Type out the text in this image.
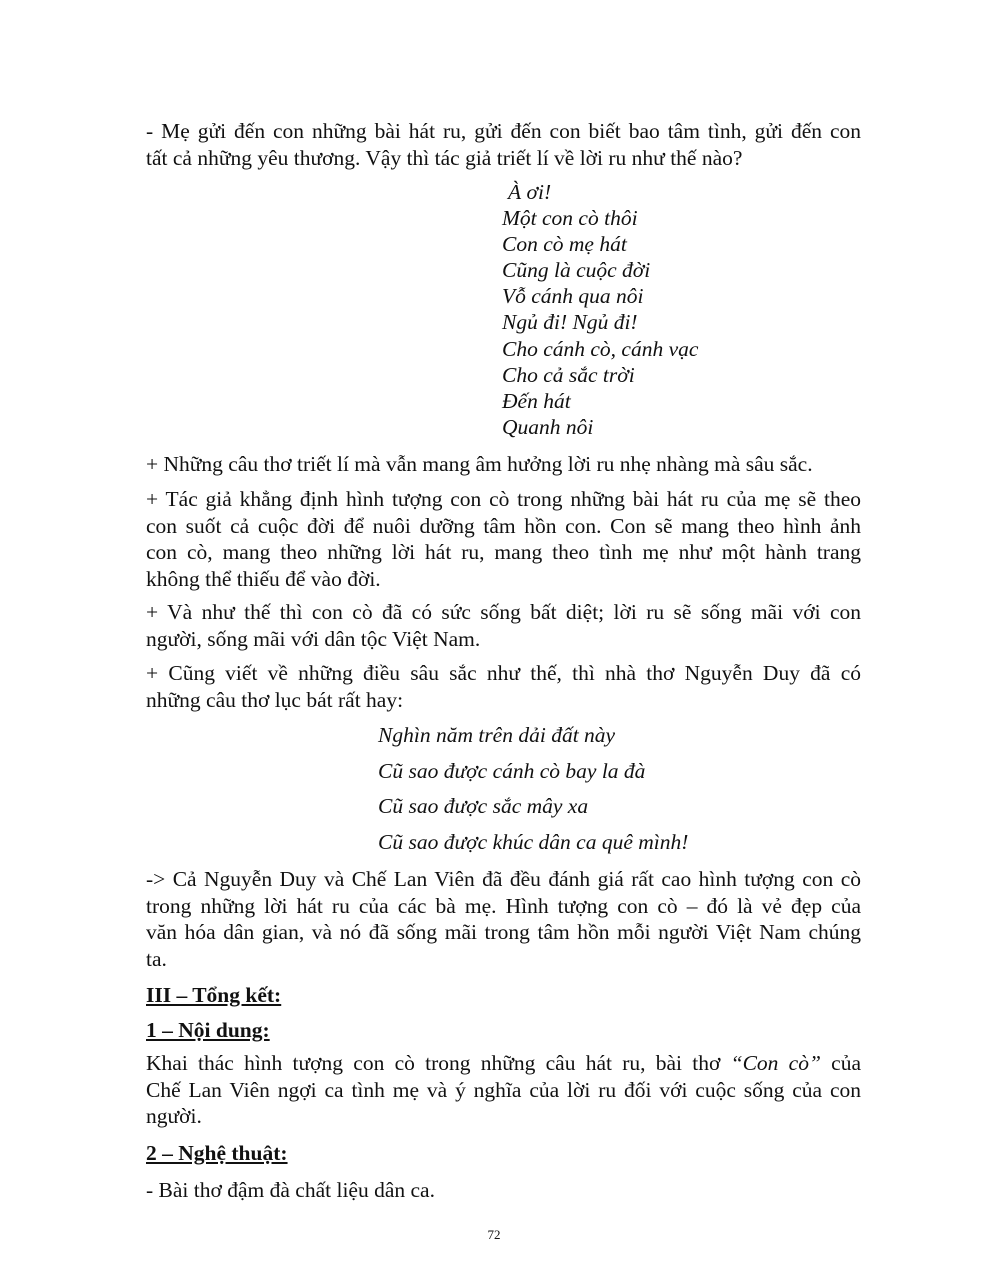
- Mẹ gửi đến con những bài hát ru, gửi đến con biết bao tâm tình, gửi đến con
tất cả những yêu thương. Vậy thì tác giả triết lí về lời ru như thế nào?

À ơi!
Một con cò thôi
Con cò mẹ hát
Cũng là cuộc đời
Vỗ cánh qua nôi
Ngủ đi! Ngủ đi!
Cho cánh cò, cánh vạc
Cho cả sắc trời
Đến hát
Quanh nôi

+ Những câu thơ triết lí mà vẫn mang âm hưởng lời ru nhẹ nhàng mà sâu sắc.

+ Tác giả khẳng định hình tượng con cò trong những bài hát ru của mẹ sẽ theo
con suốt cả cuộc đời để nuôi dưỡng tâm hồn con. Con sẽ mang theo hình ảnh
con cò, mang theo những lời hát ru, mang theo tình mẹ như một hành trang
không thể thiếu để vào đời.

+ Và như thế thì con cò đã có sức sống bất diệt; lời ru sẽ sống mãi với con
người, sống mãi với dân tộc Việt Nam.

+ Cũng viết về những điều sâu sắc như thế, thì nhà thơ Nguyễn Duy đã có
những câu thơ lục bát rất hay:

Nghìn năm trên dải đất này
Cũ sao được cánh cò bay la đà
Cũ sao được sắc mây xa
Cũ sao được khúc dân ca quê mình!

-> Cả Nguyễn Duy và Chế Lan Viên đã đều đánh giá rất cao hình tượng con cò
trong những lời hát ru của các bà mẹ. Hình tượng con cò – đó là vẻ đẹp của
văn hóa dân gian, và nó đã sống mãi trong tâm hồn mỗi người Việt Nam chúng
ta.

III – Tổng kết:
1 – Nội dung:

Khai thác hình tượng con cò trong những câu hát ru, bài thơ “Con cò” của
Chế Lan Viên ngợi ca tình mẹ và ý nghĩa của lời ru đối với cuộc sống của con
người.

2 – Nghệ thuật:

- Bài thơ đậm đà chất liệu dân ca.

72
